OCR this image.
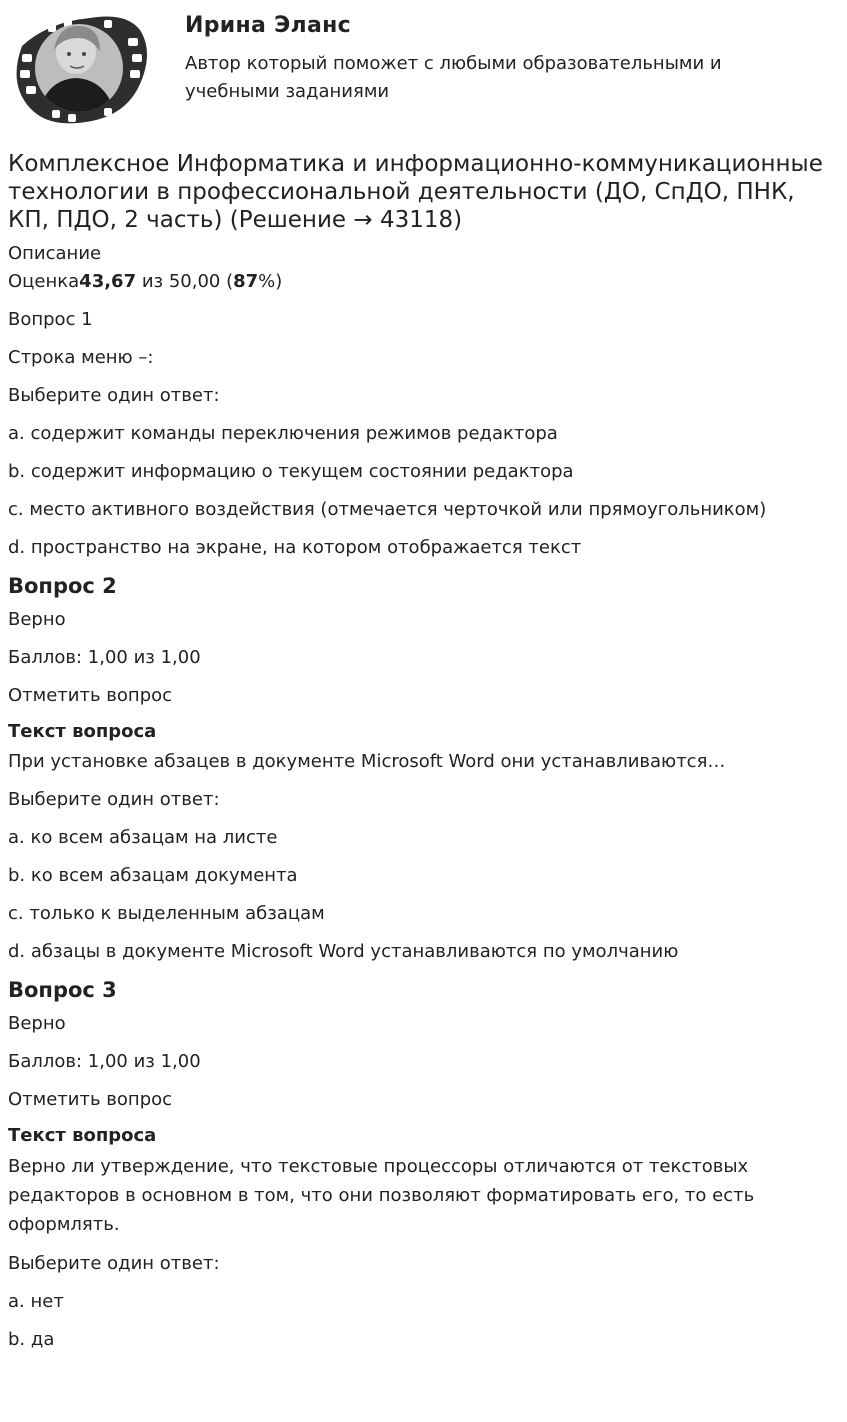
Ирина Эланс
Автор который поможет с любыми образовательными и учебными заданиями
Комплексное Информатика и информационно-коммуникационные технологии в профессиональной деятельности (ДО, СпДО, ПНК, КП, ПДО, 2 часть) (Решение → 43118)
Описание
Оценка43,67 из 50,00 (87%)
Вопрос 1
Строка меню –:
Выберите один ответ:
a. содержит команды переключения режимов редактора
b. содержит информацию о текущем состоянии редактора
c. место активного воздействия (отмечается черточкой или прямоугольником)
d. пространство на экране, на котором отображается текст
Вопрос 2
Верно
Баллов: 1,00 из 1,00
Отметить вопрос
Текст вопроса
При установке абзацев в документе Microsoft Word они устанавливаются…
Выберите один ответ:
a. ко всем абзацам на листе
b. ко всем абзацам документа
c. только к выделенным абзацам
d. абзацы в документе Microsoft Word устанавливаются по умолчанию
Вопрос 3
Верно
Баллов: 1,00 из 1,00
Отметить вопрос
Текст вопроса
Верно ли утверждение, что текстовые процессоры отличаются от текстовых редакторов в основном в том, что они позволяют форматировать его, то есть оформлять.
Выберите один ответ:
a. нет
b. да
